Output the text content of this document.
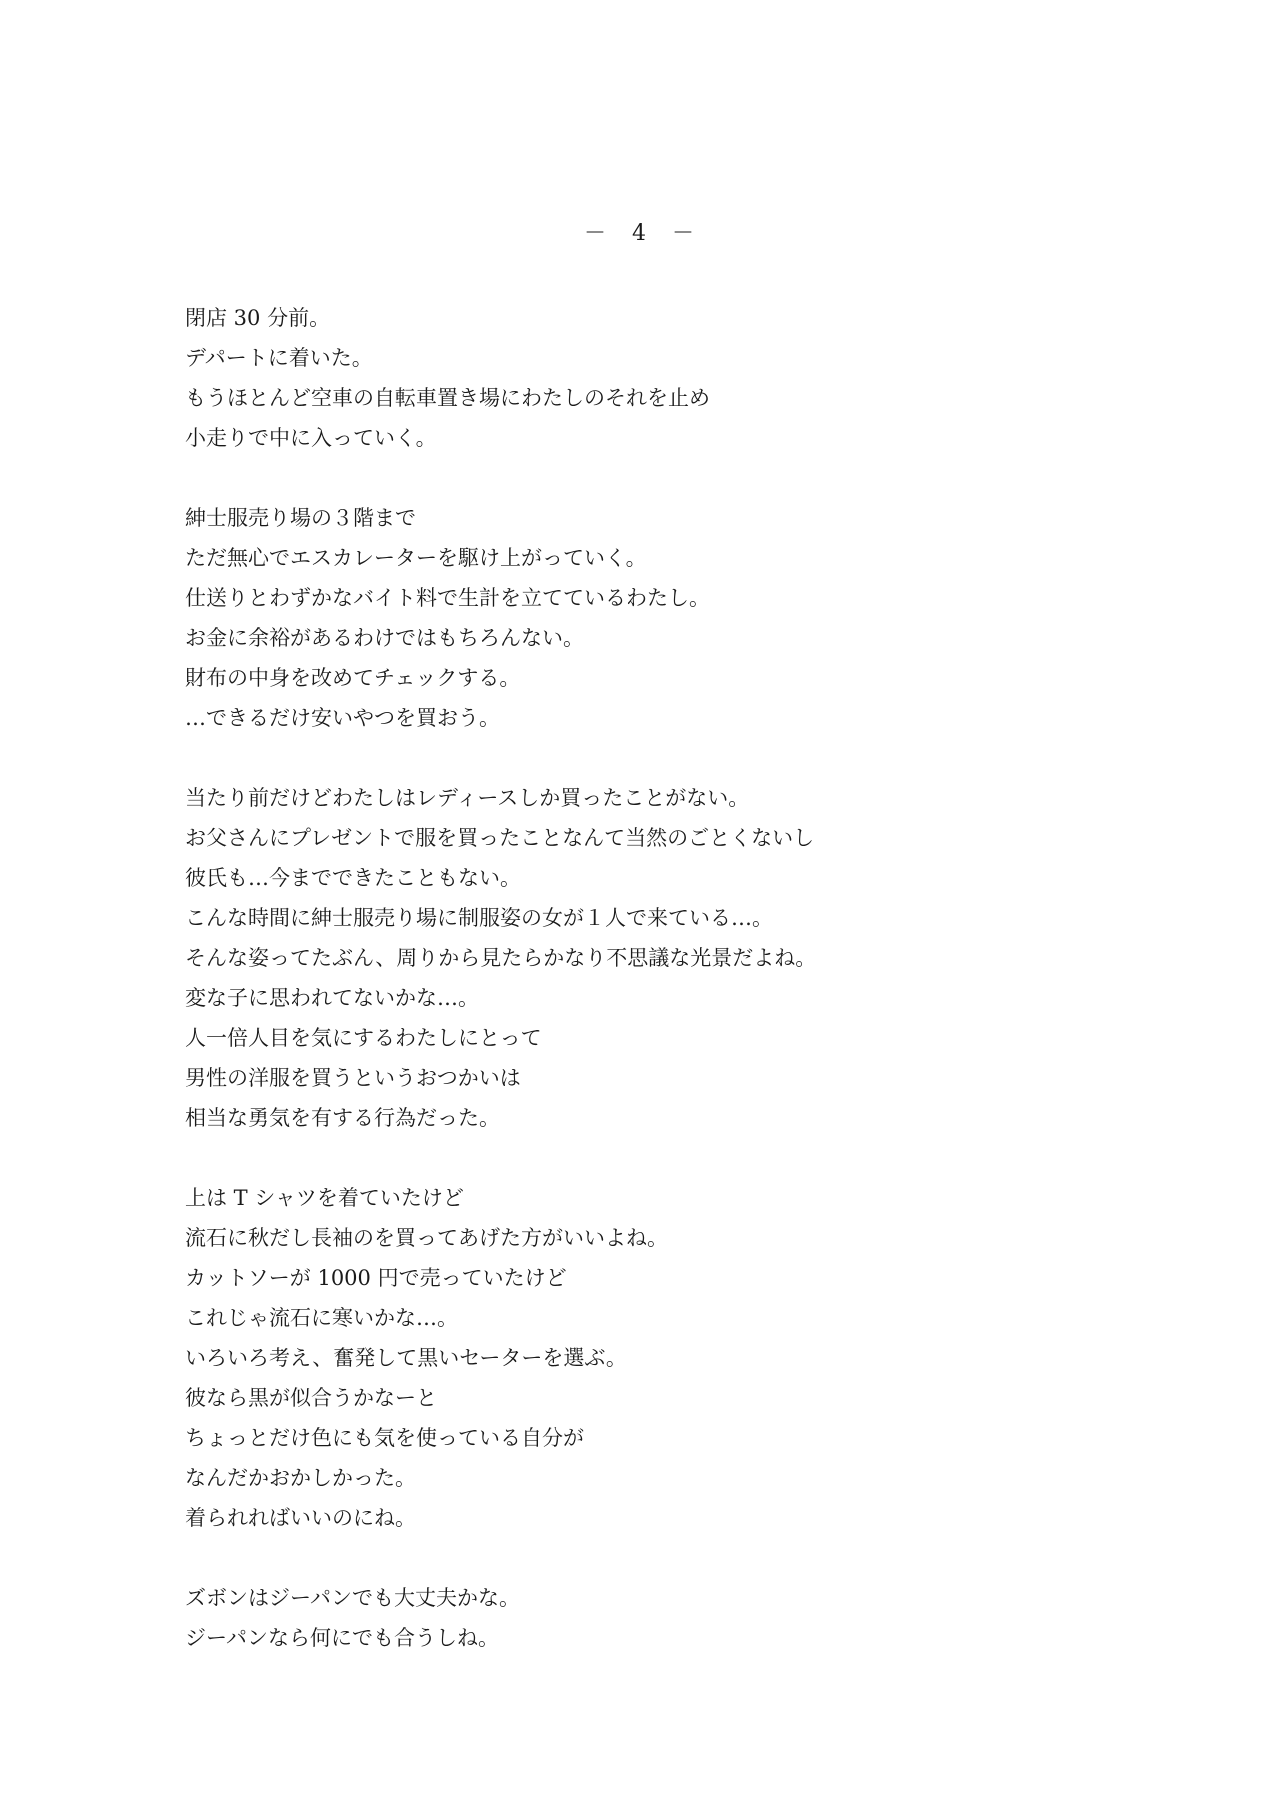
－　4　－
閉店 30 分前。
デパートに着いた。
もうほとんど空車の自転車置き場にわたしのそれを止め
小走りで中に入っていく。
紳士服売り場の３階まで
ただ無心でエスカレーターを駆け上がっていく。
仕送りとわずかなバイト料で生計を立てているわたし。
お金に余裕があるわけではもちろんない。
財布の中身を改めてチェックする。
…できるだけ安いやつを買おう。
当たり前だけどわたしはレディースしか買ったことがない。
お父さんにプレゼントで服を買ったことなんて当然のごとくないし
彼氏も…今までできたこともない。
こんな時間に紳士服売り場に制服姿の女が１人で来ている…。
そんな姿ってたぶん、周りから見たらかなり不思議な光景だよね。
変な子に思われてないかな…。
人一倍人目を気にするわたしにとって
男性の洋服を買うというおつかいは
相当な勇気を有する行為だった。
上は T シャツを着ていたけど
流石に秋だし長袖のを買ってあげた方がいいよね。
カットソーが 1000 円で売っていたけど
これじゃ流石に寒いかな…。
いろいろ考え、奮発して黒いセーターを選ぶ。
彼なら黒が似合うかなーと
ちょっとだけ色にも気を使っている自分が
なんだかおかしかった。
着られればいいのにね。
ズボンはジーパンでも大丈夫かな。
ジーパンなら何にでも合うしね。
